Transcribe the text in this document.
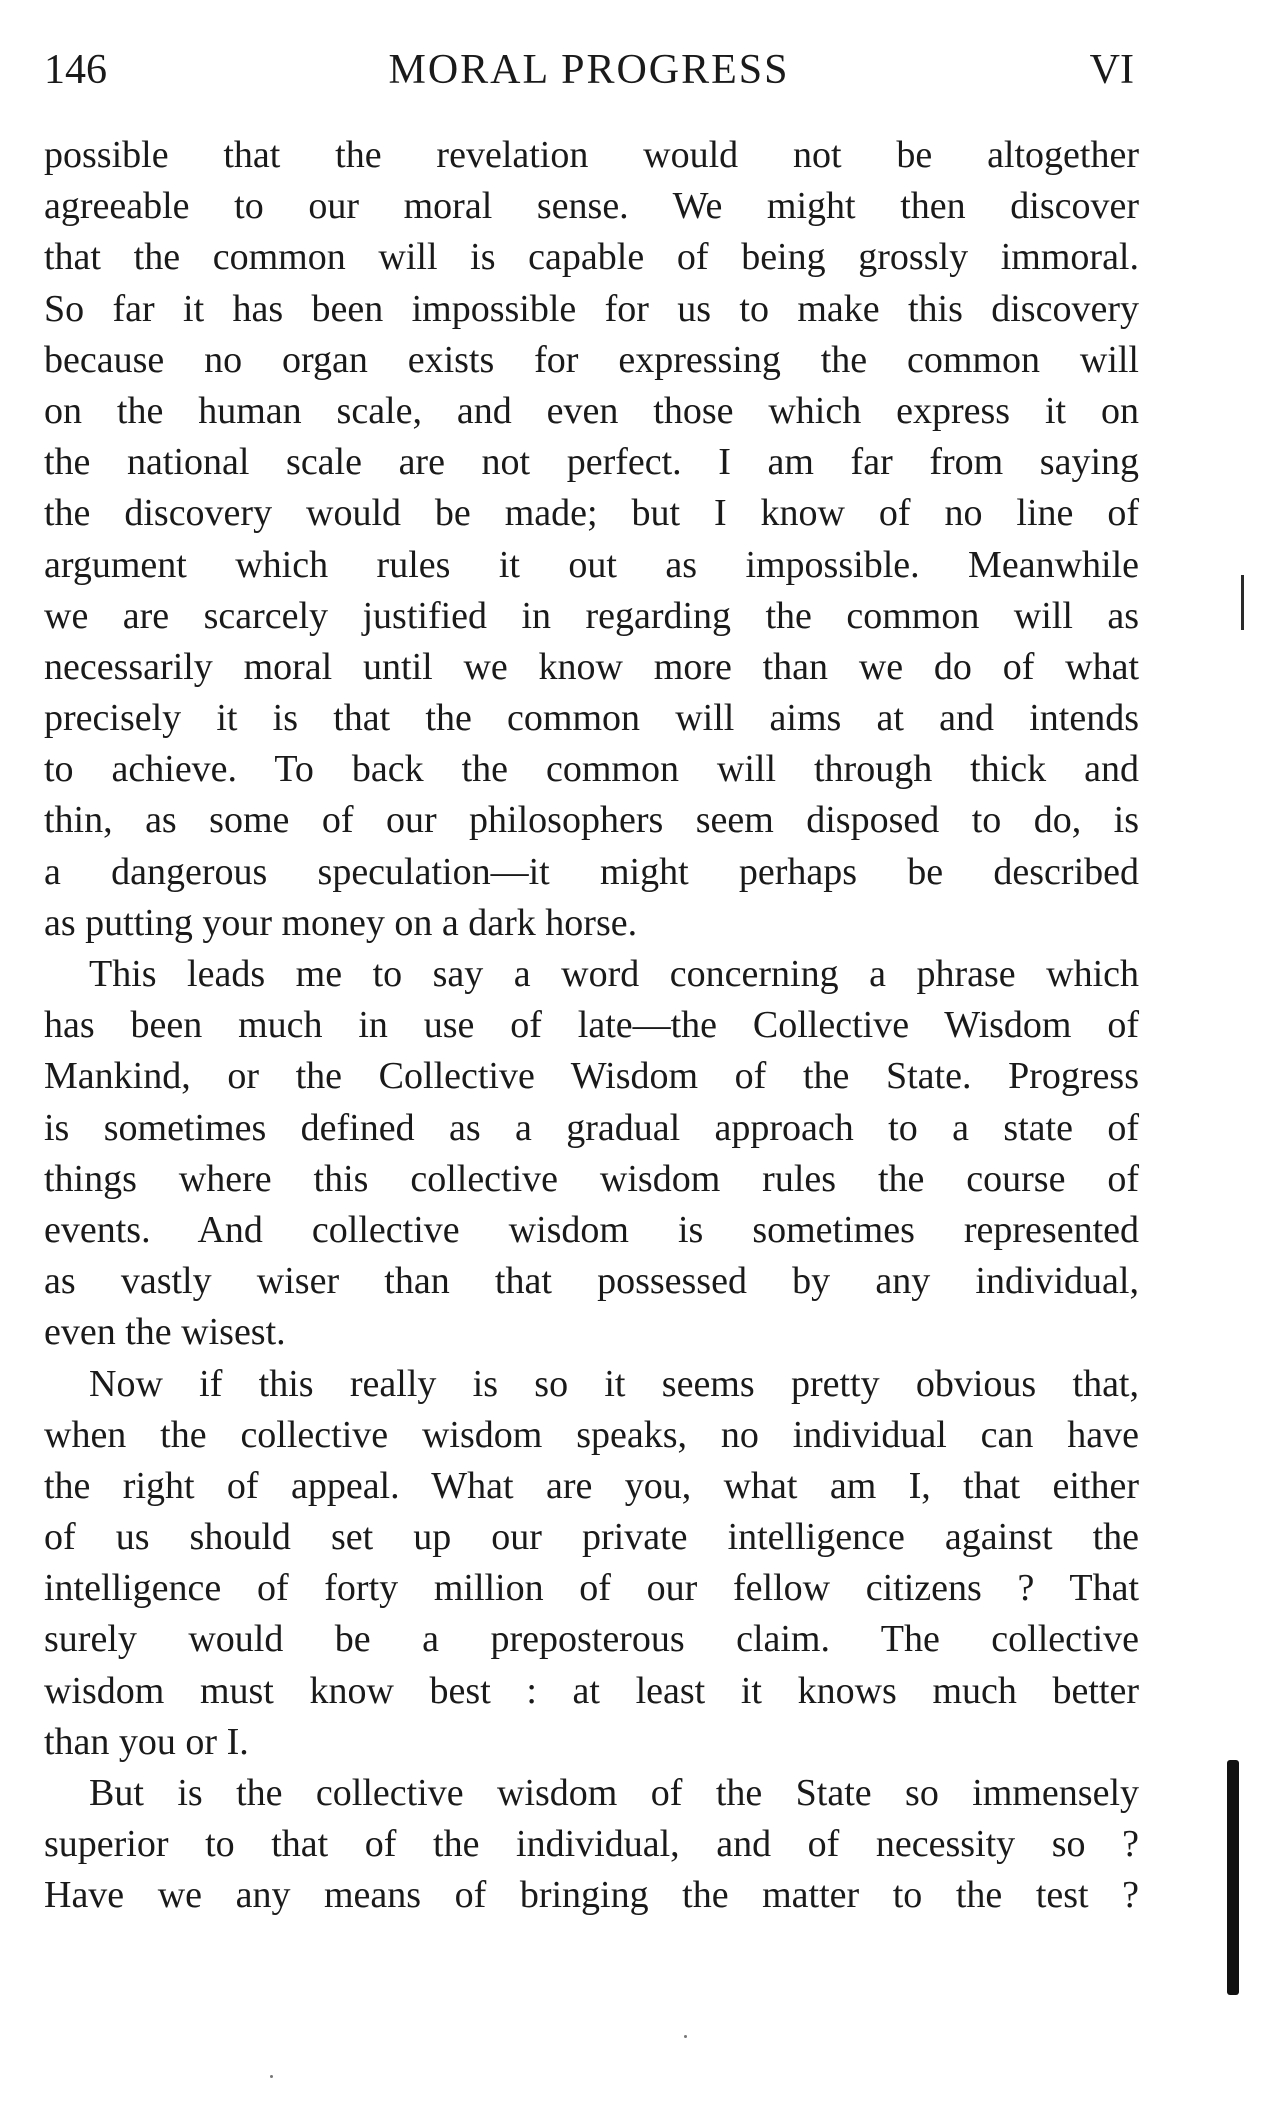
146	MORAL PROGRESS	VI
possible that the revelation would not be altogether
agreeable to our moral sense. We might then discover
that the common will is capable of being grossly immoral.
So far it has been impossible for us to make this discovery
because no organ exists for expressing the common will
on the human scale, and even those which express it on
the national scale are not perfect. I am far from saying
the discovery would be made; but I know of no line of
argument which rules it out as impossible. Meanwhile
we are scarcely justified in regarding the common will as
necessarily moral until we know more than we do of what
precisely it is that the common will aims at and intends
to achieve. To back the common will through thick and
thin, as some of our philosophers seem disposed to do, is
a dangerous speculation—it might perhaps be described
as putting your money on a dark horse.
This leads me to say a word concerning a phrase which
has been much in use of late—the Collective Wisdom of
Mankind, or the Collective Wisdom of the State. Progress
is sometimes defined as a gradual approach to a state of
things where this collective wisdom rules the course of
events. And collective wisdom is sometimes represented
as vastly wiser than that possessed by any individual,
even the wisest.
Now if this really is so it seems pretty obvious that,
when the collective wisdom speaks, no individual can have
the right of appeal. What are you, what am I, that either
of us should set up our private intelligence against the
intelligence of forty million of our fellow citizens ? That
surely would be a preposterous claim. The collective
wisdom must know best : at least it knows much better
than you or I.
But is the collective wisdom of the State so immensely
superior to that of the individual, and of necessity so ?
Have we any means of bringing the matter to the test ?
